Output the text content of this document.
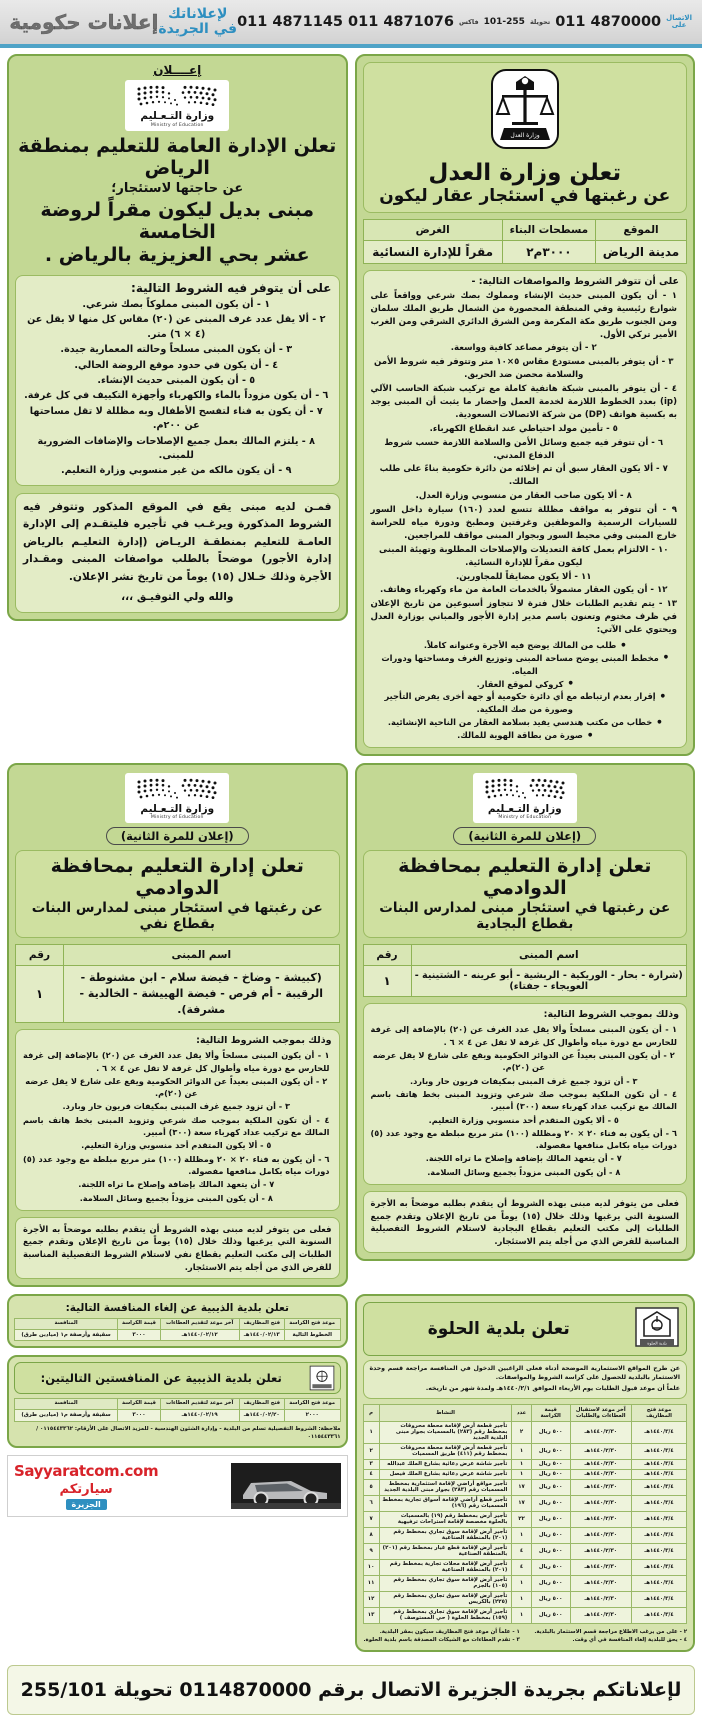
011 4871145 011 4871076 فاكس 101-255 تحويلة 011 4870000 الاتصال
على
لإعلاناتك
في الجريدة
إعلانات حكومية
وزارة العدل
تعلن وزارة العدل
عن رغبتها في استئجار عقار ليكون
الموقع	مسطحات البناء	الغرض
مدينة الرياض	٣٠٠٠م٢	مقراً للإدارة النسائية
على أن تتوفر الشروط والمواصفات التالية: -
١ - أن يكون المبنى حديث الإنشاء ومملوك بصك شرعي وواقعاً على شوارع رئيسية وفي المنطقة المحصورة من الشمال طريق الملك سلمان ومن الجنوب طريق مكة المكرمة ومن الشرق الدائري الشرقي ومن الغرب الأمير تركي الأول.
٢ - أن يتوفر مصاعد كافية وواسعة.
٣ - أن يتوفر بالمبنى مستودع مقاس ٥×١٠ متر وتتوفر فيه شروط الأمن والسلامة محصن ضد الحريق.
٤ - أن يتوفر بالمبنى شبكة هاتفية كاملة مع تركيب شبكة الحاسب الآلي (ip) بعدد الخطوط اللازمة لخدمة العمل وإحضار ما يثبت أن المبنى يوجد به بكسية هواتف (DP) من شركة الاتصالات السعودية.
٥ - تأمين مولد احتياطي عند انقطاع الكهرباء.
٦ - أن تتوفر فيه جميع وسائل الأمن والسلامة اللازمة حسب شروط الدفاع المدني.
٧ - ألا يكون العقار سبق أن تم إخلائه من دائرة حكومية بناءً على طلب المالك.
٨ - ألا يكون صاحب العقار من منسوبي وزارة العدل.
٩ - أن تتوفر به مواقف مظللة تتسع لعدد (١٦٠) سيارة داخل السور للسيارات الرسمية والموظفين وغرفتين ومطبخ ودورة مياه للحراسة خارج المبنى وفي محيط السور وبجوار المبنى مواقف للمراجعين.
١٠ - الالتزام بعمل كافة التعديلات والإصلاحات المطلوبة وتهيئة المبنى ليكون مقراً للإدارة النسائية.
١١ - ألا يكون مضايقاً للمجاورين.
١٢ - أن يكون العقار مشمولاً بالخدمات العامة من ماء وكهرباء وهاتف.
١٣ - يتم تقديم الطلبات خلال فترة لا تتجاوز أسبوعين من تاريخ الإعلان في ظرف مختوم وتعنون باسم مدير إدارة الأجور والمباني بوزارة العدل ويحتوي على الآتي:
● طلب من المالك يوضح فيه الأجرة وعنوانه كاملاً.
● مخطط المبنى يوضح مساحة المبنى وتوزيع الغرف ومساحتها ودورات المياه.
● كروكي لموقع العقار.
● إقرار بعدم ارتباطه مع أي دائرة حكومية أو جهة أخرى يفرض التأجير وصورة من صك الملكية.
● خطاب من مكتب هندسي يفيد بسلامة العقار من الناحية الإنشائية.
● صورة من بطاقة الهوية للمالك.
إعــــلان
وزارة التـعـليم
Ministry of Education
تعلن الإدارة العامة للتعليم بمنطقة الرياض
عن حاجتها لاستئجار؛
مبنى بديل ليكون مقراً لروضة الخامسة
عشر بحي العزيزية بالرياض .
على أن يتوفر فيه الشروط التالية:
١ - أن يكون المبنى مملوكاً بصك شرعي.
٢ - ألا يقل عدد غرف المبنى عن (٢٠) مقاس كل منها لا يقل عن (٤ × ٦) متر.
٣ - أن يكون المبنى مسلحاً وحالته المعمارية جيدة.
٤ - أن يكون في حدود موقع الروضة الحالي.
٥ - أن يكون المبنى حديث الإنشاء.
٦ - أن يكون مزوداً بالماء والكهرباء وأجهزة التكييف في كل غرفة.
٧ - أن يكون به فناء لتفسح الأطفال وبه مظللة لا تقل مساحتها عن ٢٠٠م.
٨ - يلتزم المالك بعمل جميع الإصلاحات والإضافات الضرورية للمبنى.
٩ - أن يكون مالكه من غير منسوبي وزارة التعليم.
فمـن لديه مبنى يقع في الموقع المذكور وتتوفر فيه الشروط المذكورة ويرغـب في تأجيره فليتقـدم إلى الإدارة العامـة للتعليم بمنطقـة الريـاض (إدارة التعليـم بالرياض إدارة الأجور) موضحاً بالطلب مواصفات المبنى ومقـدار الأجرة وذلك خـلال (١٥) يوماً من تاريخ نشر الإعلان.
والله ولي التوفيـق ،،،
وزارة التـعـليم
Ministry of Education
(إعلان للمرة الثانية)
تعلن إدارة التعليم بمحافظة الدوادمي
عن رغبتها في استئجار مبنى لمدارس البنات بقطاع البجادية
اسم المبنى	رقم
(شرارة - بحار - الوريكية - الربشية - أبو عرينه - الشتينية - العويجاء - جفتاء)	١
وذلك بموجب الشروط التالية:
١ - أن يكون المبنى مسلحاً وألا يقل عدد الغرف عن (٢٠) بالإضافة إلى غرفة للحارس مع دورة مياه وأطوال كل غرفة لا تقل عن ٤ × ٦ .
٢ - أن يكون المبنى بعيداً عن الدوائر الحكومية ويقع على شارع لا يقل عرضه عن (٢٠)م.
٣ - أن تزود جميع غرف المبنى بمكيفات فريون حار وبارد.
٤ - أن تكون الملكية بموجب صك شرعي وتزويد المبنى بخط هاتف باسم المالك مع تركيب عداد كهرباء سعة (٣٠٠) أمبير.
٥ - ألا يكون المتقدم أحد منسوبي وزارة التعليم.
٦ - أن يكون به فناء ٢٠ × ٢٠ ومظللة (١٠٠) متر مربع مبلطة مع وجود عدد (٥) دورات مياه بكامل منافعها مفصولة.
٧ - أن يتعهد المالك بإضافة وإصلاح ما تراه اللجنة.
٨ - أن يكون المبنى مزوداً بجميع وسائل السلامة.
فعلى من يتوفر لديه مبنى بهذه الشروط أن يتقدم بطلبه موضحاً به الأجرة السنوية التي يرغبها وذلك خلال (١٥) يوماً من تاريخ الإعلان وتقدم جميع الطلبات إلى مكتب التعليم بقطاع البجادية لاستلام الشروط التفصيلية المناسبة للفرض الذي من أجله يتم الاستئجار.
وزارة التـعـليم
Ministry of Education
(إعلان للمرة الثانية)
تعلن إدارة التعليم بمحافظة الدوادمي
عن رغبتها في استئجار مبنى لمدارس البنات بقطاع نفي
اسم المبنى	رقم
(كبيشة - وضاخ - فيضة سلام - ابن مشنوطة - الرقيبة - أم فرص - فيضة الهييشة - الخالدية - مشرفة).	١
وذلك بموجب الشروط التالية:
١ - أن يكون المبنى مسلحاً وألا يقل عدد الغرف عن (٢٠) بالإضافة إلى غرفة للحارس مع دورة مياه وأطوال كل غرفة لا تقل عن ٤ × ٦ .
٢ - أن يكون المبنى بعيداً عن الدوائر الحكومية ويقع على شارع لا يقل عرضه عن (٢٠)م.
٣ - أن تزود جميع غرف المبنى بمكيفات فريون حار وبارد.
٤ - أن تكون الملكية بموجب صك شرعي وتزويد المبنى بخط هاتف باسم المالك مع تركيب عداد كهرباء سعة (٣٠٠) أمبير.
٥ - ألا يكون المتقدم أحد منسوبي وزارة التعليم.
٦ - أن يكون به فناء ٢٠ × ٢٠ ومظللة (١٠٠) متر مربع مبلطة مع وجود عدد (٥) دورات مياه بكامل منافعها مفصولة.
٧ - أن يتعهد المالك بإضافة وإصلاح ما تراه اللجنة.
٨ - أن يكون المبنى مزوداً بجميع وسائل السلامة.
فعلى من يتوفر لديه مبنى بهذه الشروط أن يتقدم بطلبه موضحاً به الأجرة السنوية التي يرغبها وذلك خلال (١٥) يوماً من تاريخ الإعلان وتقدم جميع الطلبات إلى مكتب التعليم بقطاع نفي لاستلام الشروط التفصيلية المناسبة للفرض الذي من أجله يتم الاستئجار.
بلدية الحلوة
تعلن بلدية الحلوة
عن طرح المواقع الاستثمارية الموضحة أدناه فعلى الراغبين الدخول في المنافسة مراجعة قسم وحدة الاستثمار بالبلدية للحصول على كراسة الشروط والمواصفات.
علماً أن موعد قبول الطلبات يوم الأربعاء الموافق ١٤٤٠/٢/١هـ ولمدة شهر من تاريخه.
موعد فتح المظاريف	آخر موعد لاستقبال العطاءات والطلبات	قيمة الكراسة	عدد	النشاط	م
١٤٤٠/٣/٤هـ	١٤٤٠/٢/٣٠هـ	٥٠٠ ريال	٢	تأجير قطعة أرض لإقامة محطة محروقات بمخطط رقم (٢٨٣) بالمسميات بجوار مبنى البلدية الجديد	١
١٤٤٠/٣/٤هـ	١٤٤٠/٢/٣٠هـ	٥٠٠ ريال	١	تأجير قطعة أرض لإقامة محطة محروقات بمخطط رقم (٤١١) طريق المسميات	٢
١٤٤٠/٣/٤هـ	١٤٤٠/٢/٣٠هـ	٥٠٠ ريال	١	تأجير شاشة عرض دعائية بشارع الملك عبدالله	٣
١٤٤٠/٣/٤هـ	١٤٤٠/٢/٣٠هـ	٥٠٠ ريال	١	تأجير شاشة عرض دعائية بشارع الملك فيصل	٤
١٤٤٠/٣/٤هـ	١٤٤٠/٢/٣٠هـ	٥٠٠ ريال	١٧	تأجير مواقع أراضي لإقامة استثمارية بمخطط المسميات رقم (٢٨٣) بجوار مبنى البلدية الجديد	٥
١٤٤٠/٣/٤هـ	١٤٤٠/٢/٣٠هـ	٥٠٠ ريال	١٧	تأجير قطع أراضي لإقامة أسواق تجارية بمخطط المسميات رقم (١٩٦)	٦
١٤٤٠/٣/٤هـ	١٤٤٠/٢/٣٠هـ	٥٠٠ ريال	٢٢	تأجير أرض بمخطط رقم (١٩) بالمسميات بالحلوة مخصصة لإقامة استراحات ترفيهية	٧
١٤٤٠/٣/٤هـ	١٤٤٠/٢/٣٠هـ	٥٠٠ ريال	١	تأجير أرض لإقامة سوق تجاري بمخطط رقم (٢٠١) بالمنطقة الصناعية	٨
١٤٤٠/٣/٤هـ	١٤٤٠/٢/٣٠هـ	٥٠٠ ريال	٤	تأجير أرض لإقامة قطع غيار بمخطط رقم (٢٠١) بالمنطقة الصناعية	٩
١٤٤٠/٣/٤هـ	١٤٤٠/٢/٣٠هـ	٥٠٠ ريال	٤	تأجير أرض لإقامة محلات تجارية بمخطط رقم (٢٠١) بالمنطقة الصناعية	١٠
١٤٤٠/٣/٤هـ	١٤٤٠/٢/٣٠هـ	٥٠٠ ريال	١	تأجير أرض لإقامة سوق تجاري بمخطط رقم (١٠٥) بالجزم	١١
١٤٤٠/٣/٤هـ	١٤٤٠/٢/٣٠هـ	٥٠٠ ريال	١	تأجير أرض لإقامة سوق تجاري بمخطط رقم (٢٢٥) بالكريس	١٢
١٤٤٠/٣/٤هـ	١٤٤٠/٢/٣٠هـ	٥٠٠ ريال	١	تأجير أرض لإقامة سوق تجاري بمخطط رقم (١٥٩) بمخطط الحلوة ( حي المستوصف )	١٣
٢ - على من يرغب الاطلاع مراجعة قسم الاستثمار بالبلدية.
٤ - يحق للبلدية إلغاء المنافسة في أي وقت.
١ - علماً أن موعد فتح المظاريف سيكون بمقر البلدية.
٣ - تقدم العطاءات مع الشيكات المصدقة باسم بلدية الحلوة.
تعلن بلدية الذيبية عن إلغاء المنافسة التالية:
موعد فتح الكراسة	فتح المظاريف	آخر موعد لتقديم العطاءات	قيمة الكراسة	المنافسة
الخطوط التالية	١٤٤٠/٠٢/١٣هـ	١٤٤٠/٠٢/١٢هـ	٣٠٠٠	سقيفة وأرصفة م١ (ميادين طرق)
تعلن بلدية الذيبية عن المنافستين التاليتين:
موعد فتح الكراسة	فتح المظاريف	آخر موعد لتقديم العطاءات	قيمة الكراسة	المنافسة
٢٠٠٠	١٤٤٠/٠٢/٢٠هـ	١٤٤٠/٠٢/١٩هـ	٣٠٠٠	سقيفة وأرصفة م١ (ميادين طرق)
ملاحظة: الشروط التفصيلية تسلم من البلدية - وإدارة الشئون الهندسية - للمزيد الاتصال على الأرقام: ٠١١٥٤٤٣٣٦٢ / ٠١١٥٤٤٣٣٦١
Sayyaratcom.com
سيارتكم
الجزيرة
لإعلاناتكم بجريدة الجزيرة الاتصال برقم 0114870000 تحويلة 255/101
